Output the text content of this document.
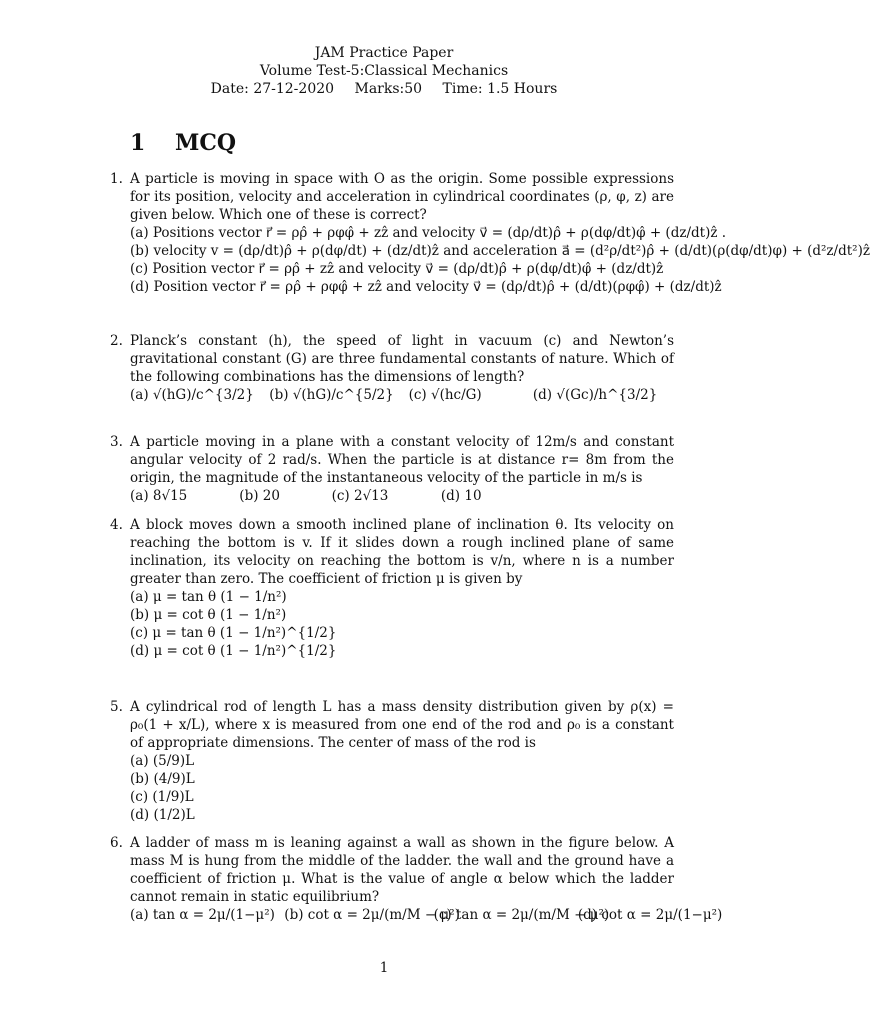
JAM Practice Paper
Volume Test-5:Classical Mechanics
Date: 27-12-2020 Marks:50 Time: 1.5 Hours
1 MCQ
1. A particle is moving in space with O as the origin. Some possible expressions for its position, velocity and acceleration in cylindrical coordinates (ρ, φ, z) are given below. Which one of these is correct?
(a) Positions vector r⃗ = ρρ̂ + ρφφ̂ + zẑ and velocity v⃗ = (dρ/dt)ρ̂ + ρ(dφ/dt)φ̂ + (dz/dt)ẑ .
(b) velocity v = (dρ/dt)ρ̂ + ρ(dφ/dt) + (dz/dt)ẑ and acceleration a⃗ = (d²ρ/dt²)ρ̂ + (d/dt)(ρ(dφ/dt)φ) + (d²z/dt²)ẑ
(c) Position vector r⃗ = ρρ̂ + zẑ and velocity v⃗ = (dρ/dt)ρ̂ + ρ(dφ/dt)φ̂ + (dz/dt)ẑ
(d) Position vector r⃗ = ρρ̂ + ρφφ̂ + zẑ and velocity v⃗ = (dρ/dt)ρ̂ + (d/dt)(ρφφ̂) + (dz/dt)ẑ
2. Planck’s constant (h), the speed of light in vacuum (c) and Newton’s gravitational constant (G) are three fundamental constants of nature. Which of the following combinations has the dimensions of length?
(a) √(hG)/c^{3/2} (b) √(hG)/c^{5/2} (c) √(hc/G)	(d) √(Gc)/h^{3/2}
3. A particle moving in a plane with a constant velocity of 12m/s and constant angular velocity of 2 rad/s. When the particle is at distance r= 8m from the origin, the magnitude of the instantaneous velocity of the particle in m/s is
(a) 8√15	(b) 20	(c) 2√13	(d) 10
4. A block moves down a smooth inclined plane of inclination θ. Its velocity on reaching the bottom is v. If it slides down a rough inclined plane of same inclination, its velocity on reaching the bottom is v/n, where n is a number greater than zero. The coefficient of friction μ is given by
(a) μ = tan θ (1 − 1/n²)
(b) μ = cot θ (1 − 1/n²)
(c) μ = tan θ (1 − 1/n²)^{1/2}
(d) μ = cot θ (1 − 1/n²)^{1/2}
5. A cylindrical rod of length L has a mass density distribution given by ρ(x) = ρ₀(1 + x/L), where x is measured from one end of the rod and ρ₀ is a constant of appropriate dimensions. The center of mass of the rod is
(a) (5/9)L
(b) (4/9)L
(c) (1/9)L
(d) (1/2)L
6. A ladder of mass m is leaning against a wall as shown in the figure below. A mass M is hung from the middle of the ladder. the wall and the ground have a coefficient of friction μ. What is the value of angle α below which the ladder cannot remain in static equilibrium?
(a) tan α = 2μ/(1−μ²) (b) cot α = 2μ/(m/M − μ²) (c) tan α = 2μ/(m/M − μ²) (d) cot α = 2μ/(1−μ²)
1
